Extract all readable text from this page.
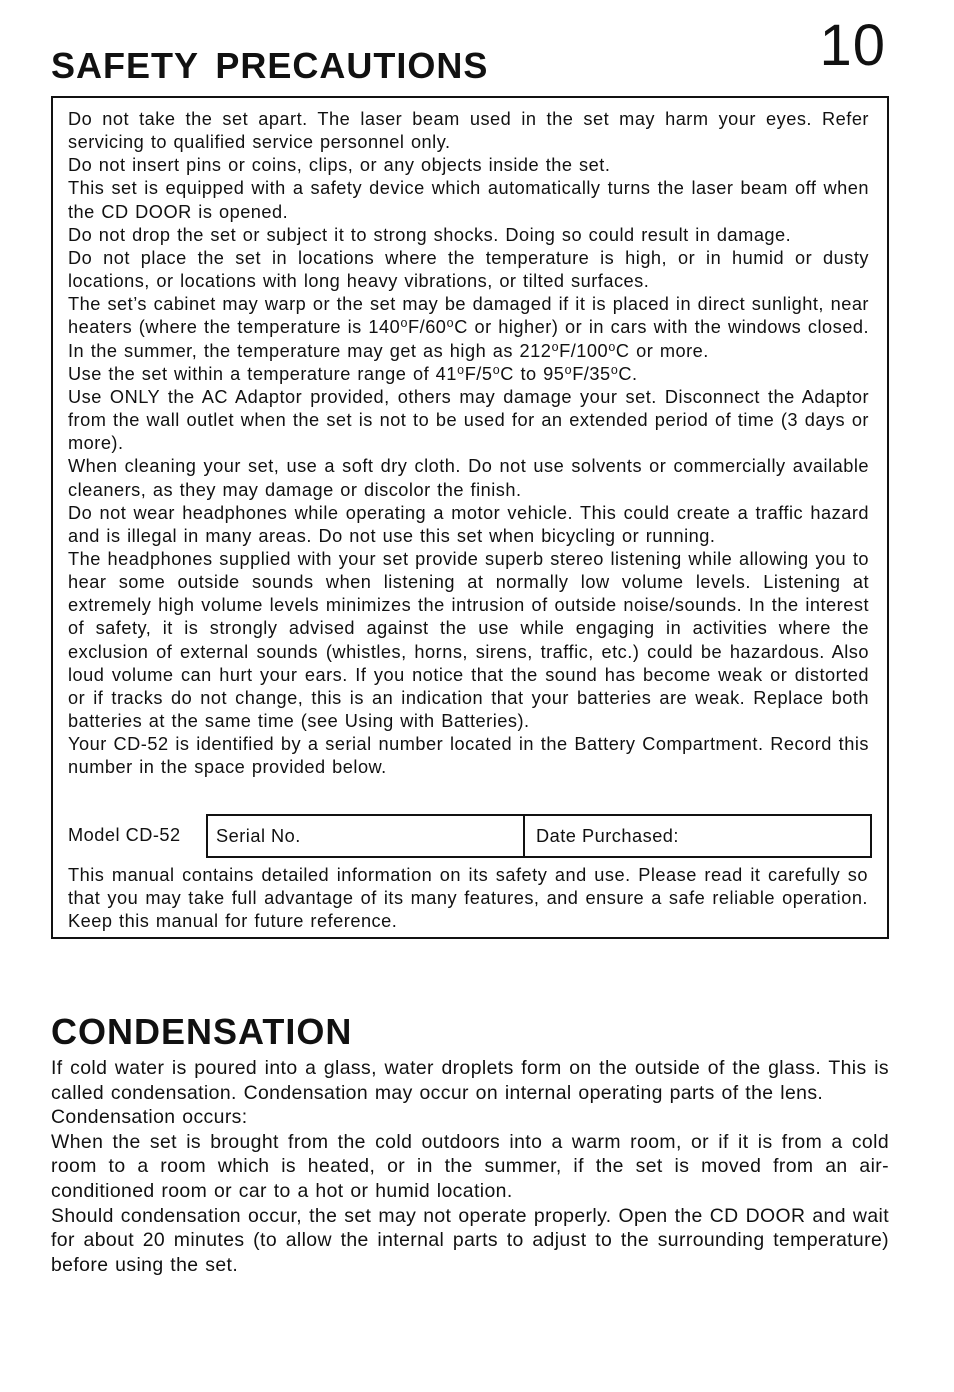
10
SAFETY PRECAUTIONS

Do not take the set apart. The laser beam used in the set may harm your eyes. Refer servicing to qualified service personnel only.

Do not insert pins or coins, clips, or any objects inside the set.

This set is equipped with a safety device which automatically turns the laser beam off when the CD DOOR is opened.

Do not drop the set or subject it to strong shocks. Doing so could result in damage.

Do not place the set in locations where the temperature is high, or in humid or dusty locations, or locations with long heavy vibrations, or tilted surfaces.

The set’s cabinet may warp or the set may be damaged if it is placed in direct sunlight, near heaters (where the temperature is 140⁰F/60⁰C or higher) or in cars with the windows closed. In the summer, the temperature may get as high as 212⁰F/100⁰C or more.

Use the set within a temperature range of 41⁰F/5⁰C to 95⁰F/35⁰C.

Use ONLY the AC Adaptor provided, others may damage your set. Disconnect the Adaptor from the wall outlet when the set is not to be used for an extended period of time (3 days or more).

When cleaning your set, use a soft dry cloth. Do not use solvents or commercially available cleaners, as they may damage or discolor the finish.

Do not wear headphones while operating a motor vehicle. This could create a traffic hazard and is illegal in many areas. Do not use this set when bicycling or running.

The headphones supplied with your set provide superb stereo listening while allowing you to hear some outside sounds when listening at normally low volume levels. Listening at extremely high volume levels minimizes the intrusion of outside noise/sounds. In the interest of safety, it is strongly advised against the use while engaging in activities where the exclusion of external sounds (whistles, horns, sirens, traffic, etc.) could be hazardous. Also loud volume can hurt your ears. If you notice that the sound has become weak or distorted or if tracks do not change, this is an indication that your batteries are weak. Replace both batteries at the same time (see Using with Batteries).

Your CD-52 is identified by a serial number located in the Battery Compartment. Record this number in the space provided below.

Model CD-52	Serial No.	Date Purchased:

This manual contains detailed information on its safety and use. Please read it carefully so that you may take full advantage of its many features, and ensure a safe reliable operation. Keep this manual for future reference.

CONDENSATION

If cold water is poured into a glass, water droplets form on the outside of the glass. This is called condensation. Condensation may occur on internal operating parts of the lens.

Condensation occurs:

When the set is brought from the cold outdoors into a warm room, or if it is from a cold room to a room which is heated, or in the summer, if the set is moved from an air-conditioned room or car to a hot or humid location.

Should condensation occur, the set may not operate properly. Open the CD DOOR and wait for about 20 minutes (to allow the internal parts to adjust to the surrounding temperature) before using the set.
